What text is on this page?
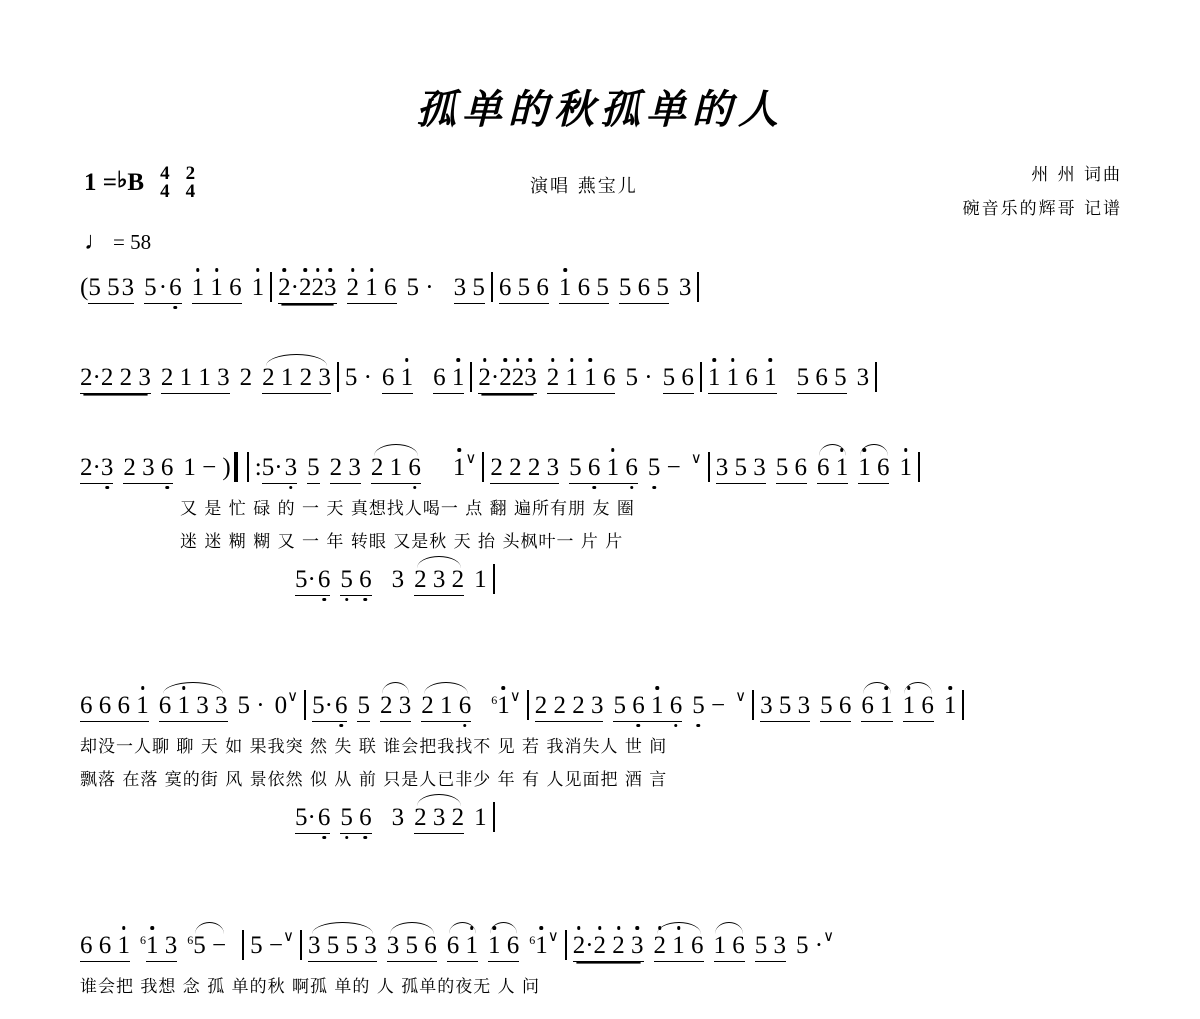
孤单的秋孤单的人
1 = ♭ B 4
4
2
4
♩ = 58
演唱 燕宝儿
州 州 词曲
碗音乐的辉哥 记谱
(5 5 3 5 · 6 1 1 6 1 2·223 2 1 6 5 · 3 5 6 5 6 1 6 5 5 6 5 3
2·2 2 3 2 1 1 3 2 2 1 2 3 5 · 6 1 6 1 2·223 2 1 1 6 5 · 5 6 1 1 6 1 5 6 5 3
2·3 2 3 6 1 − ) :5· 3 5 2 3 2 1 6 1∨ 2 2 2 3 5 6 1 6 5 − ∨ 3 5 3 5 6 6 1 1 6 1
又 是 忙 碌 的 一 天 真想找人喝一 点 翻 遍所有朋 友 圈
迷 迷 糊 糊 又 一 年 转眼 又是秋 天 抬 头枫叶一 片 片
5· 6 5 6 3 2 3 2 1
6 6 6 1 6 1 3 3 5 · 0∨ 5· 6 5 2 3 2 1 6 $^6$1∨ 2 2 2 3 5 6 1 6 5 − ∨ 3 5 3 5 6 6 1 1 6 1
却没一人聊 聊 天 如 果我突 然 失 联 谁会把我找不 见 若 我消失人 世 间
飘落 在落 寞的街 风 景依然 似 从 前 只是人已非少 年 有 人见面把 酒 言
5· 6 5 6 3 2 3 2 1
6 6 1 $^6$1 3 $^6$5 − 5 −∨ 3 5 5 3 3 5 6 6 1 1 6 $^6$1∨ 2·2 2 3 2 1 6 1 6 5 3 5 ·∨
谁会把 我想 念 孤 单的秋 啊孤 单的 人 孤单的夜无 人 问
